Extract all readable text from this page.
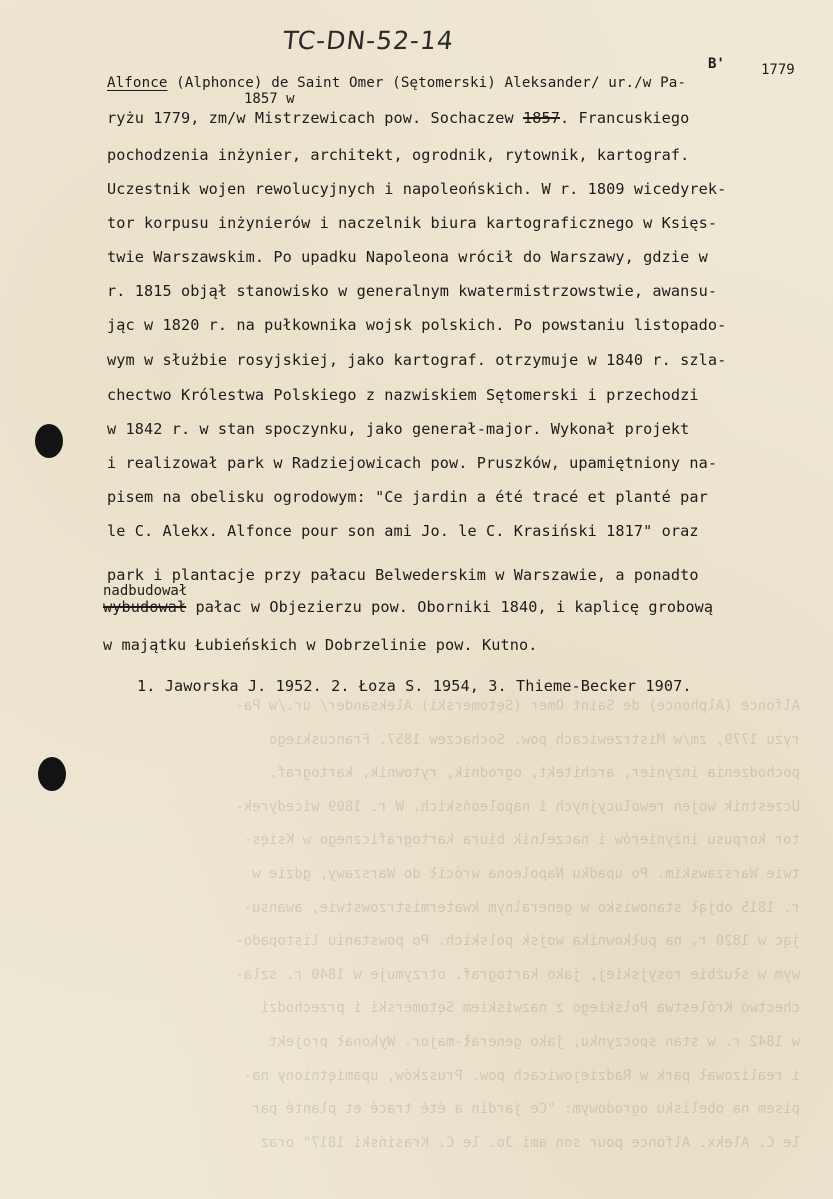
Alfonce (Alphonce) de Saint Omer (Sętomerski) Aleksander/ ur./w Pa-
ryżu 1779, zm/w Mistrzewicach pow. Sochaczew 1857. Francuskiego
pochodzenia inżynier, architekt, ogrodnik, rytownik, kartograf.
Uczestnik wojen rewolucyjnych i napoleońskich. W r. 1809 wicedyrek-
tor korpusu inżynierów i naczelnik biura kartograficznego w Księs-
twie Warszawskim. Po upadku Napoleona wrócił do Warszawy, gdzie w
r. 1815 objął stanowisko w generalnym kwatermistrzowstwie, awansu-
jąc w 1820 r. na pułkownika wojsk polskich. Po powstaniu listopado-
wym w służbie rosyjskiej, jako kartograf. otrzymuje w 1840 r. szla-
chectwo Królestwa Polskiego z nazwiskiem Sętomerski i przechodzi
w 1842 r. w stan spoczynku, jako generał-major. Wykonał projekt
i realizował park w Radziejowicach pow. Pruszków, upamiętniony na-
pisem na obelisku ogrodowym: "Ce jardin a été tracé et planté par
le C. Alekx. Alfonce pour son ami Jo. le C. Krasiński 1817" oraz
TC-DN-52-14
B'	1779
1857 w
Alfonce (Alphonce) de Saint Omer (Sętomerski) Aleksander/ ur./w Pa-
ryżu 1779, zm/w Mistrzewicach pow. Sochaczew 1857. Francuskiego
pochodzenia inżynier, architekt, ogrodnik, rytownik, kartograf.
Uczestnik wojen rewolucyjnych i napoleońskich. W r. 1809 wicedyrek-
tor korpusu inżynierów i naczelnik biura kartograficznego w Księs-
twie Warszawskim. Po upadku Napoleona wrócił do Warszawy, gdzie w
r. 1815 objął stanowisko w generalnym kwatermistrzowstwie, awansu-
jąc w 1820 r. na pułkownika wojsk polskich. Po powstaniu listopado-
wym w służbie rosyjskiej, jako kartograf. otrzymuje w 1840 r. szla-
chectwo Królestwa Polskiego z nazwiskiem Sętomerski i przechodzi
w 1842 r. w stan spoczynku, jako generał-major. Wykonał projekt
i realizował park w Radziejowicach pow. Pruszków, upamiętniony na-
pisem na obelisku ogrodowym: "Ce jardin a été tracé et planté par
le C. Alekx. Alfonce pour son ami Jo. le C. Krasiński 1817" oraz
park i plantacje przy pałacu Belwederskim w Warszawie, a ponadto
nadbudował
wybudował pałac w Objezierzu pow. Oborniki 1840, i kaplicę grobową
w majątku Łubieńskich w Dobrzelinie pow. Kutno.
1. Jaworska J. 1952. 2. Łoza S. 1954, 3. Thieme-Becker 1907.
